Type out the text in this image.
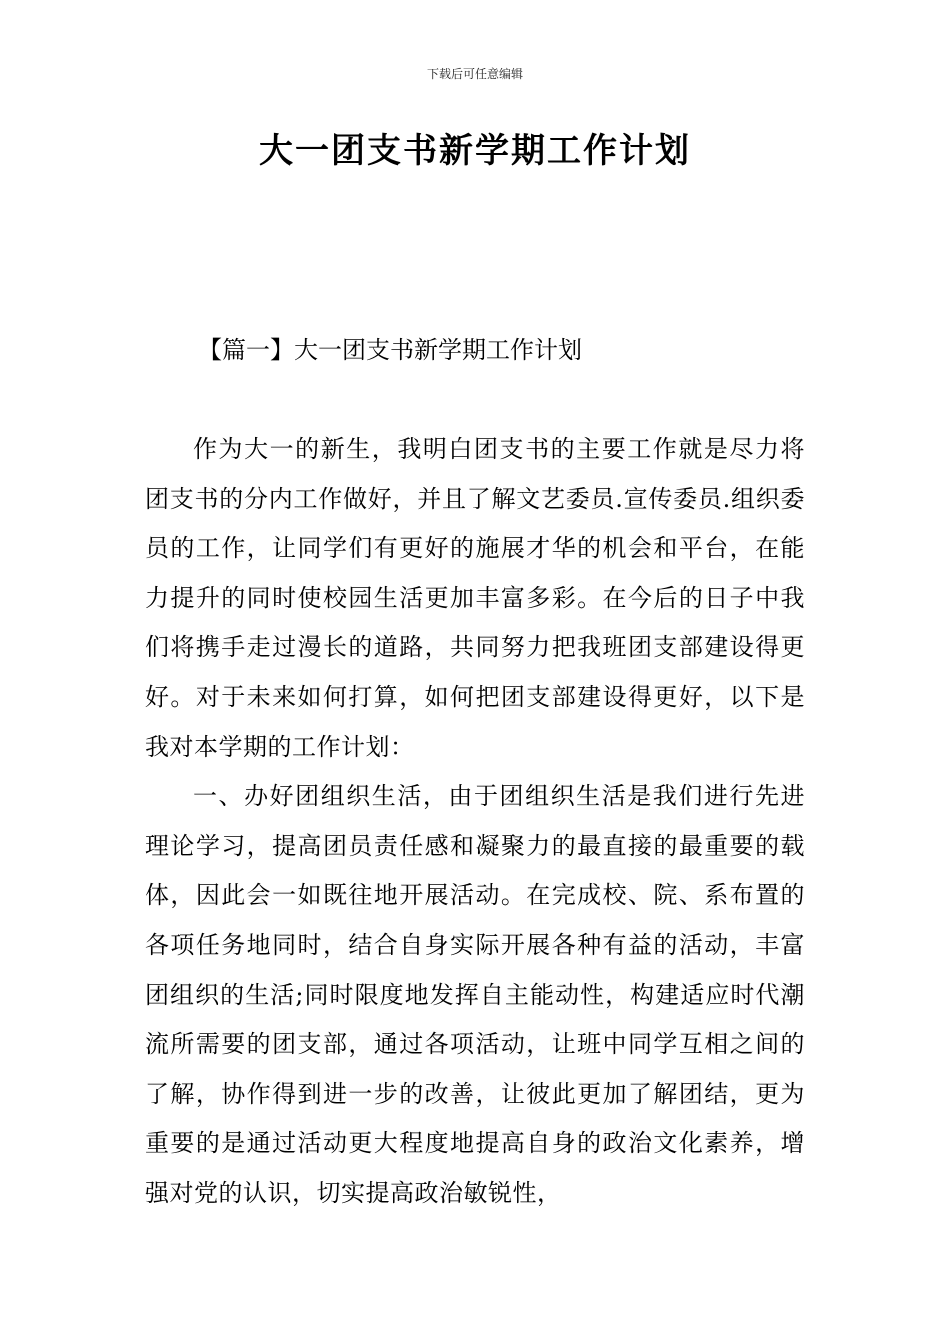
下载后可任意编辑
大一团支书新学期工作计划
【篇一】大一团支书新学期工作计划

作为大一的新生，我明白团支书的主要工作就是尽力将团支书的分内工作做好，并且了解文艺委员.宣传委员.组织委员的工作，让同学们有更好的施展才华的机会和平台，在能力提升的同时使校园生活更加丰富多彩。在今后的日子中我们将携手走过漫长的道路，共同努力把我班团支部建设得更好。对于未来如何打算，如何把团支部建设得更好，以下是我对本学期的工作计划：

一、办好团组织生活，由于团组织生活是我们进行先进理论学习，提高团员责任感和凝聚力的最直接的最重要的载体，因此会一如既往地开展活动。在完成校、院、系布置的各项任务地同时，结合自身实际开展各种有益的活动，丰富团组织的生活;同时限度地发挥自主能动性，构建适应时代潮流所需要的团支部，通过各项活动，让班中同学互相之间的了解，协作得到进一步的改善，让彼此更加了解团结，更为重要的是通过活动更大程度地提高自身的政治文化素养，增强对党的认识，切实提高政治敏锐性，
